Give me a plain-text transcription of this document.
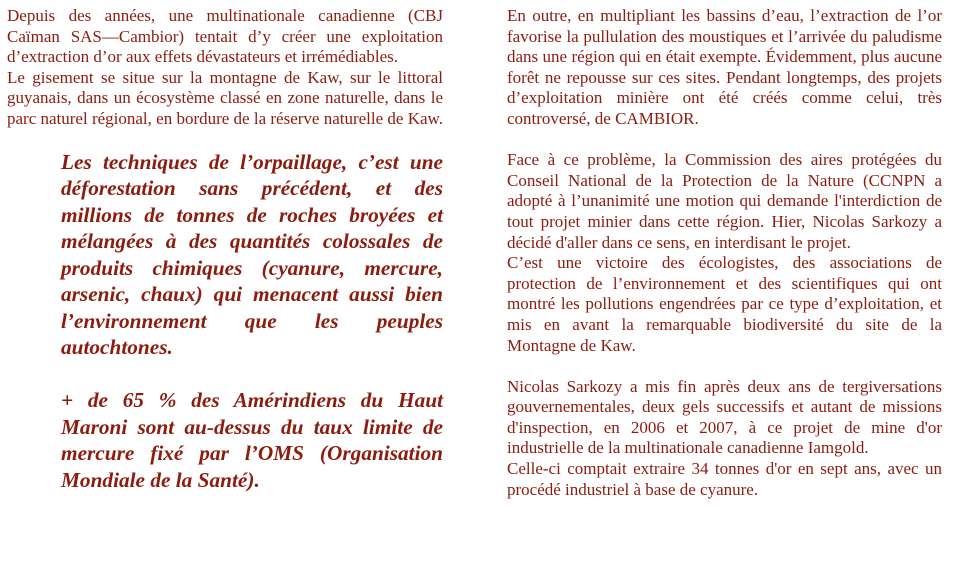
Depuis des années, une multinationale canadienne (CBJ Caïman SAS—Cambior) tentait d’y créer une exploitation d’extraction d’or aux effets dévastateurs et irrémédiables.

Le gisement se situe sur la montagne de Kaw, sur le littoral guyanais, dans un écosystème classé en zone naturelle, dans le parc naturel régional, en bordure de la réserve naturelle de Kaw.

Les techniques de l’orpaillage, c’est une déforestation sans précédent, et des millions de tonnes de roches broyées et mélangées à des quantités colossales de produits chimiques (cyanure, mercure, arsenic, chaux) qui menacent aussi bien l’environnement que les peuples autochtones.
+ de 65 % des Amérindiens du Haut Maroni sont au-dessus du taux limite de mercure fixé par l’OMS (Organisation Mondiale de la Santé).

En outre, en multipliant les bassins d’eau, l’extraction de l’or favorise la pullulation des moustiques et l’arrivée du paludisme dans une région qui en était exempte. Évidemment, plus aucune forêt ne repousse sur ces sites. Pendant longtemps, des projets d’exploitation minière ont été créés comme celui, très controversé, de CAMBIOR.

Face à ce problème, la Commission des aires protégées du Conseil National de la Protection de la Nature (CCNPN a adopté à l’unanimité une motion qui demande l'interdiction de tout projet minier dans cette région. Hier, Nicolas Sarkozy a décidé d'aller dans ce sens, en interdisant le projet.

C’est une victoire des écologistes, des associations de protection de l’environnement et des scientifiques qui ont montré les pollutions engendrées par ce type d’exploitation, et mis en avant la remarquable biodiversité du site de la Montagne de Kaw.

Nicolas Sarkozy a mis fin après deux ans de tergiversations gouvernementales, deux gels successifs et autant de missions d'inspection, en 2006 et 2007, à ce projet de mine d'or industrielle de la multinationale canadienne Iamgold.

Celle-ci comptait extraire 34 tonnes d'or en sept ans, avec un procédé industriel à base de cyanure.
